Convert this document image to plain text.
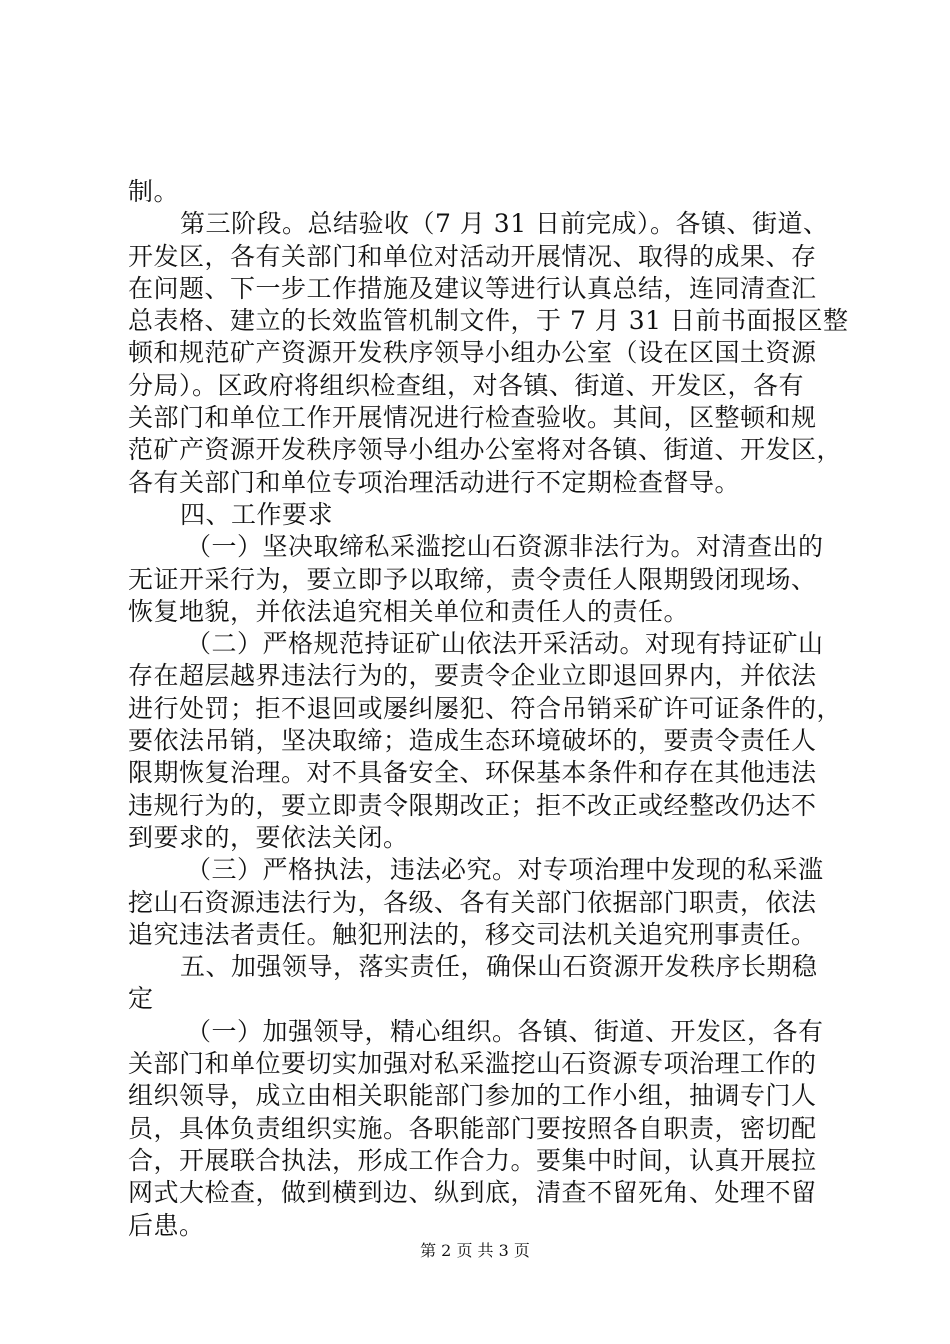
制。
第三阶段。总结验收（7 月 31 日前完成）。各镇、街道、
开发区，各有关部门和单位对活动开展情况、取得的成果、存
在问题、下一步工作措施及建议等进行认真总结，连同清查汇
总表格、建立的长效监管机制文件，于 7 月 31 日前书面报区整
顿和规范矿产资源开发秩序领导小组办公室（设在区国土资源
分局）。区政府将组织检查组，对各镇、街道、开发区，各有
关部门和单位工作开展情况进行检查验收。其间，区整顿和规
范矿产资源开发秩序领导小组办公室将对各镇、街道、开发区，
各有关部门和单位专项治理活动进行不定期检查督导。
四、工作要求
（一）坚决取缔私采滥挖山石资源非法行为。对清查出的
无证开采行为，要立即予以取缔，责令责任人限期毁闭现场、
恢复地貌，并依法追究相关单位和责任人的责任。
（二）严格规范持证矿山依法开采活动。对现有持证矿山
存在超层越界违法行为的，要责令企业立即退回界内，并依法
进行处罚；拒不退回或屡纠屡犯、符合吊销采矿许可证条件的，
要依法吊销，坚决取缔；造成生态环境破坏的，要责令责任人
限期恢复治理。对不具备安全、环保基本条件和存在其他违法
违规行为的，要立即责令限期改正；拒不改正或经整改仍达不
到要求的，要依法关闭。
（三）严格执法，违法必究。对专项治理中发现的私采滥
挖山石资源违法行为，各级、各有关部门依据部门职责，依法
追究违法者责任。触犯刑法的，移交司法机关追究刑事责任。
五、加强领导，落实责任，确保山石资源开发秩序长期稳
定
（一）加强领导，精心组织。各镇、街道、开发区，各有
关部门和单位要切实加强对私采滥挖山石资源专项治理工作的
组织领导，成立由相关职能部门参加的工作小组，抽调专门人
员，具体负责组织实施。各职能部门要按照各自职责，密切配
合，开展联合执法，形成工作合力。要集中时间，认真开展拉
网式大检查，做到横到边、纵到底，清查不留死角、处理不留
后患。
第 2 页 共 3 页
